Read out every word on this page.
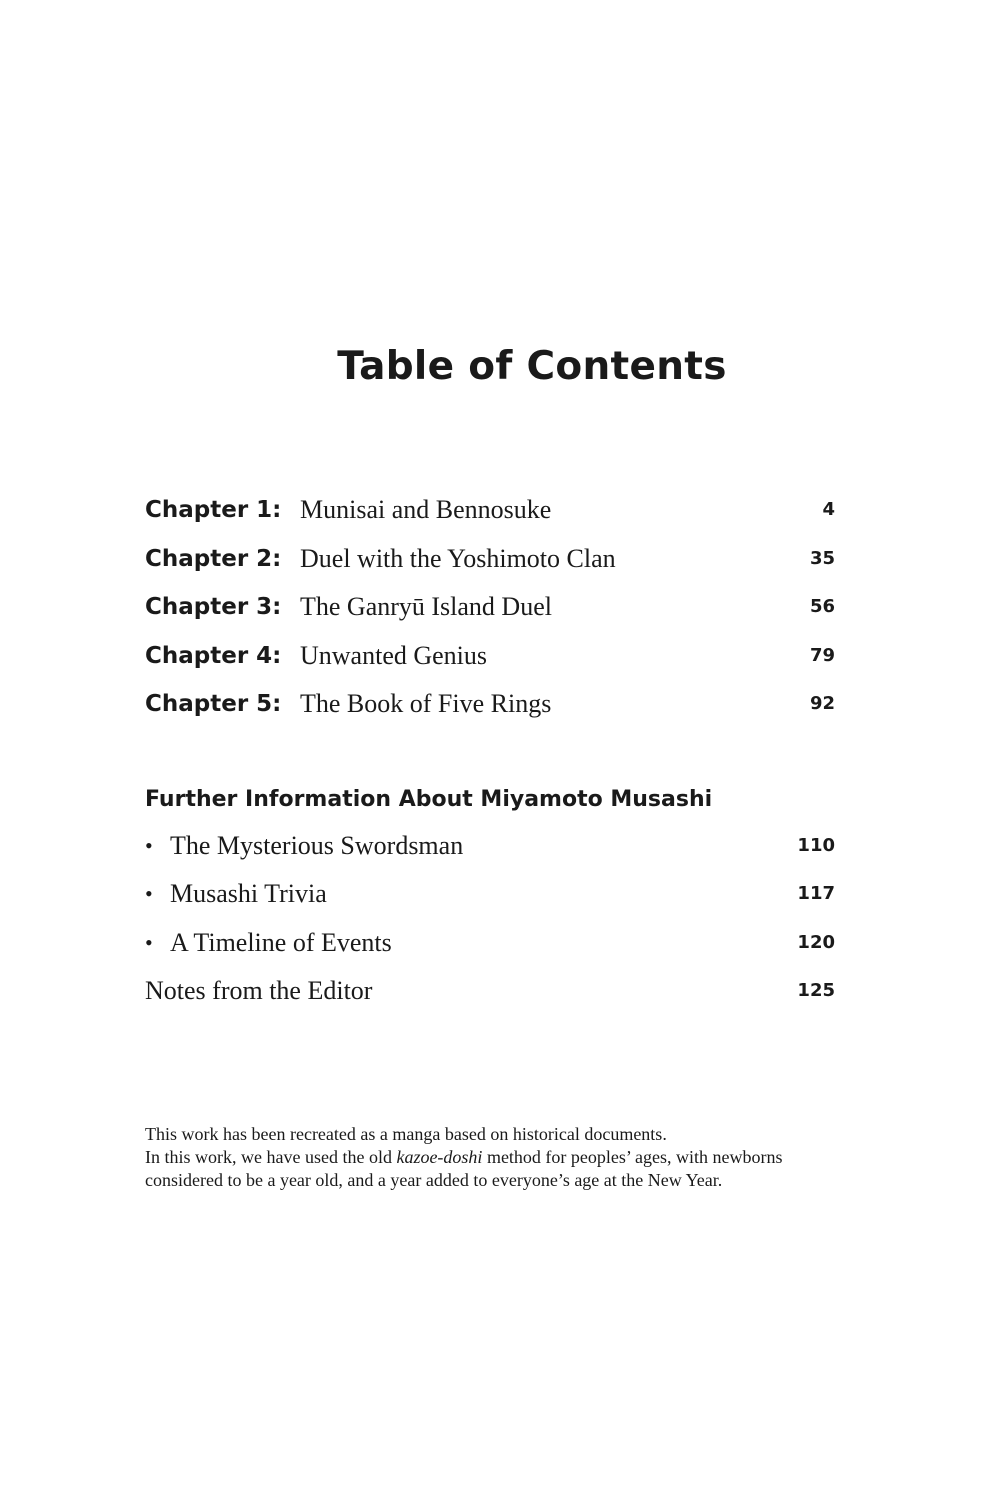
Table of Contents
Chapter 1: Munisai and Bennosuke	4
Chapter 2: Duel with the Yoshimoto Clan	35
Chapter 3: The Ganryū Island Duel	56
Chapter 4: Unwanted Genius	79
Chapter 5: The Book of Five Rings	92
Further Information About Miyamoto Musashi
• The Mysterious Swordsman	110
• Musashi Trivia	117
• A Timeline of Events	120
Notes from the Editor	125

This work has been recreated as a manga based on historical documents.

In this work, we have used the old kazoe-doshi method for peoples’ ages, with newborns

considered to be a year old, and a year added to everyone’s age at the New Year.
